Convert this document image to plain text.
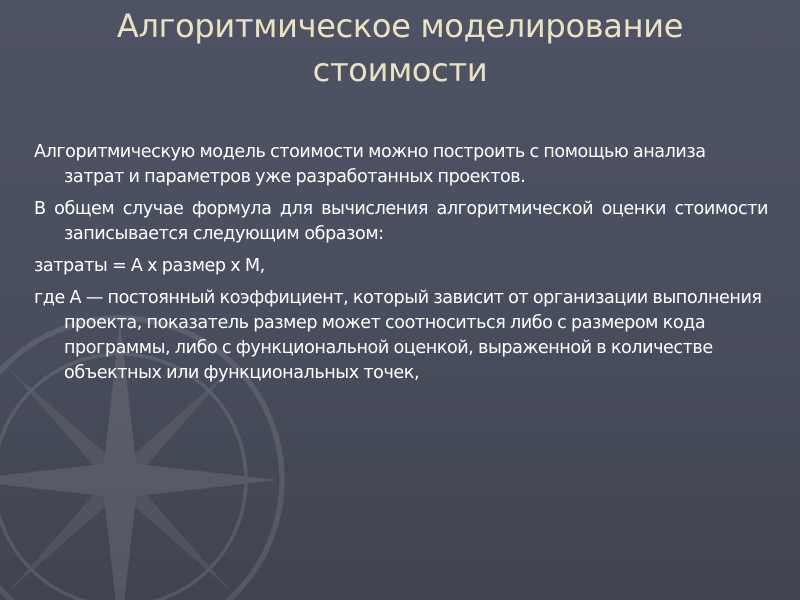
Алгоритмическое моделирование
стоимости

Алгоритмическую модель стоимости можно построить с помощью анализа затрат и параметров уже разработанных проектов.

В общем случае формула для вычисления алгоритмической оценки стоимости записывается следующим образом:

затраты = А х размер х М,

где А — постоянный коэффициент, который зависит от организации выполнения проекта, показатель размер может соотноситься либо с размером кода программы, либо с функциональной оценкой, выраженной в количестве объектных или функциональных точек,
